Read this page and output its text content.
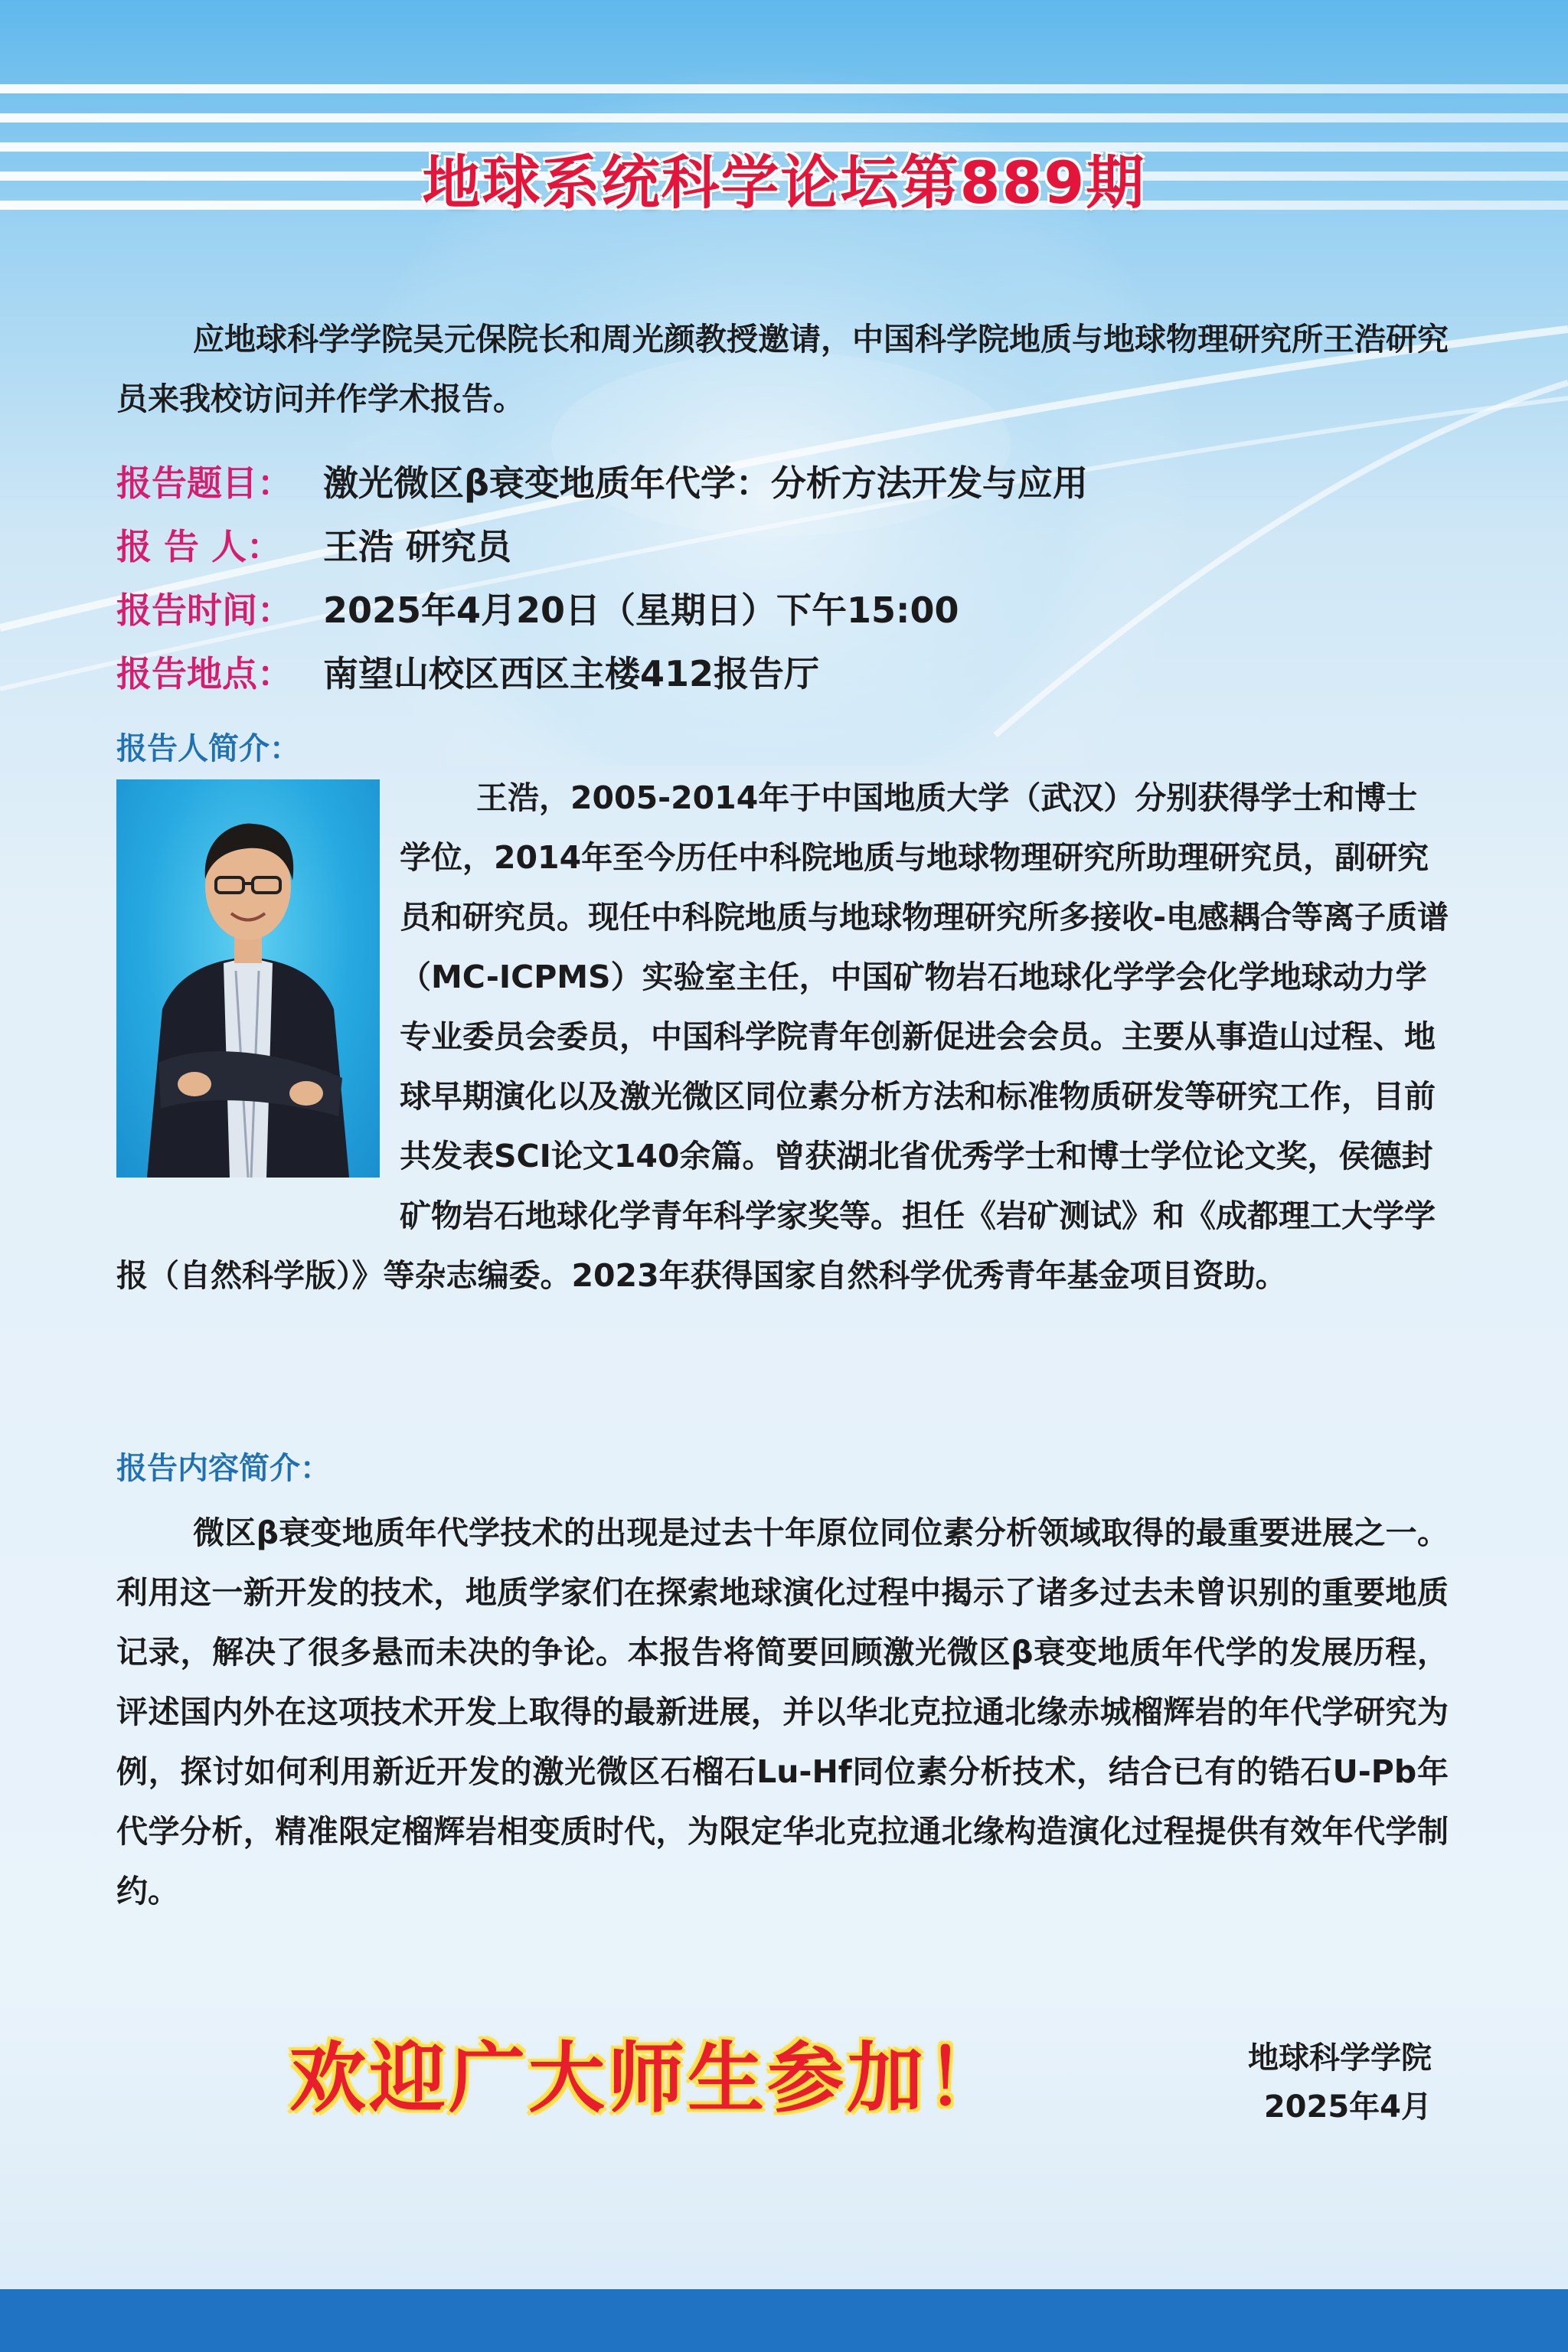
地球系统科学论坛第889期

应地球科学学院吴元保院长和周光颜教授邀请，中国科学院地质与地球物理研究所王浩研究员来我校访问并作学术报告。

报告题目： 激光微区β衰变地质年代学：分析方法开发与应用
报 告 人： 王浩 研究员
报告时间： 2025年4月20日（星期日）下午15:00
报告地点： 南望山校区西区主楼412报告厅
报告人简介：

王浩，2005-2014年于中国地质大学（武汉）分别获得学士和博士学位，2014年至今历任中科院地质与地球物理研究所助理研究员，副研究员和研究员。现任中科院地质与地球物理研究所多接收-电感耦合等离子质谱（MC-ICPMS）实验室主任，中国矿物岩石地球化学学会化学地球动力学专业委员会委员，中国科学院青年创新促进会会员。主要从事造山过程、地球早期演化以及激光微区同位素分析方法和标准物质研发等研究工作，目前共发表SCI论文140余篇。曾获湖北省优秀学士和博士学位论文奖，侯德封矿物岩石地球化学青年科学家奖等。担任《岩矿测试》和《成都理工大学学报（自然科学版）》等杂志编委。2023年获得国家自然科学优秀青年基金项目资助。

报告内容简介：

微区β衰变地质年代学技术的出现是过去十年原位同位素分析领域取得的最重要进展之一。利用这一新开发的技术，地质学家们在探索地球演化过程中揭示了诸多过去未曾识别的重要地质记录，解决了很多悬而未决的争论。本报告将简要回顾激光微区β衰变地质年代学的发展历程，评述国内外在这项技术开发上取得的最新进展，并以华北克拉通北缘赤城榴辉岩的年代学研究为例，探讨如何利用新近开发的激光微区石榴石Lu-Hf同位素分析技术，结合已有的锆石U-Pb年代学分析，精准限定榴辉岩相变质时代，为限定华北克拉通北缘构造演化过程提供有效年代学制约。

欢迎广大师生参加！	地球科学学院
2025年4月
